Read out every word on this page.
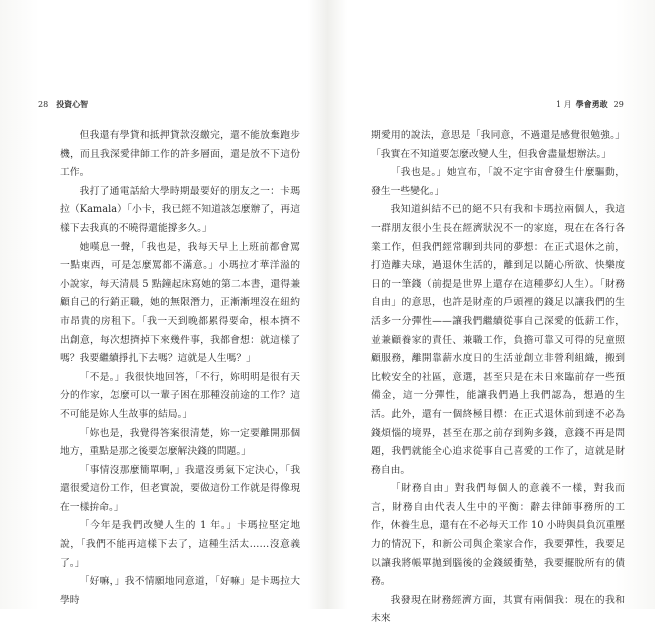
28 投資心智

但我還有學貸和抵押貸款沒繳完，還不能放棄跑步機，而且我深愛律師工作的許多層面，還是放不下這份工作。

我打了通電話給大學時期最要好的朋友之一：卡瑪拉（Kamala）「小卡，我已經不知道該怎麼辦了，再這樣下去我真的不曉得還能撐多久。」

她嘆息一聲，「我也是，我每天早上上班前都會罵一點東西，可是怎麼罵都不滿意。」小瑪拉才華洋溢的小說家，每天清晨 5 點鐘起床寫她的第二本書，還得兼顧自己的行銷正職，她的無限潛力，正漸漸埋沒在紐約市昂貴的房租下。「我一天到晚都累得要命，根本擠不出創意，每次想擠掉下來幾件事，我都會想：就這樣了嗎？我要繼續掙扎下去嗎？這就是人生嗎？」

「不是。」我很快地回答，「不行，妳明明是很有天分的作家，怎麼可以一輩子困在那種沒前途的工作？這不可能是妳人生故事的結局。」

「妳也是，我覺得答案很清楚，妳一定要離開那個地方，重點是那之後要怎麼解決錢的問題。」

「事情沒那麼簡單啊，」我還沒勇氣下定決心，「我還很愛這份工作，但老實說，要做這份工作就是得像現在一樣拚命。」

「今年是我們改變人生的 1 年。」卡瑪拉堅定地說，「我們不能再這樣下去了，這種生活太……沒意義了。」

「好嘛，」我不情願地同意道，「好嘛」是卡瑪拉大學時

1 月 學會勇敢 29

期愛用的說法，意思是「我同意，不過還是感覺很勉強。」「我實在不知道要怎麼改變人生，但我會盡量想辦法。」

「我也是。」她宣布，「說不定宇宙會發生什麼驅動，發生一些變化。」

我知道糾結不已的絕不只有我和卡瑪拉兩個人，我這一群朋友很小生長在經濟狀況不一的家庭，現在在各行各業工作，但我們經常聊到共同的夢想：在正式退休之前，打造離夫球，過退休生活的，離到足以隨心所欲、快樂度日的一筆錢（前提是世界上還存在這種夢幻人生）。「財務自由」的意思，也許是財產的戶頭裡的錢足以讓我們的生活多一分彈性——讓我們繼續從事自己深愛的低薪工作，並兼顧養家的責任、兼職工作，負擔可靠又可得的兒童照顧服務，離開靠薪水度日的生活並創立非營利組織，搬到比較安全的社區，意選，甚至只是在未日來臨前存一些預備金，這一分彈性，能讓我們過上我們認為，想過的生活。此外，還有一個終極目標：在正式退休前到達不必為錢煩惱的境界，甚至在那之前存到夠多錢，意錢不再是問題，我們就能全心追求從事自己喜愛的工作了，這就是財務自由。

「財務自由」對我們每個人的意義不一樣，對我而言，財務自由代表人生中的平衡：辭去律師事務所的工作，休養生息，還有在不必每天工作 10 小時與員負沉重壓力的情況下，和新公司與企業家合作，我要彈性，我要足以讓我將帳單拋到腦後的金錢緩衝墊，我要擺脫所有的債務。

我發現在財務經濟方面，其實有兩個我：現在的我和未來
